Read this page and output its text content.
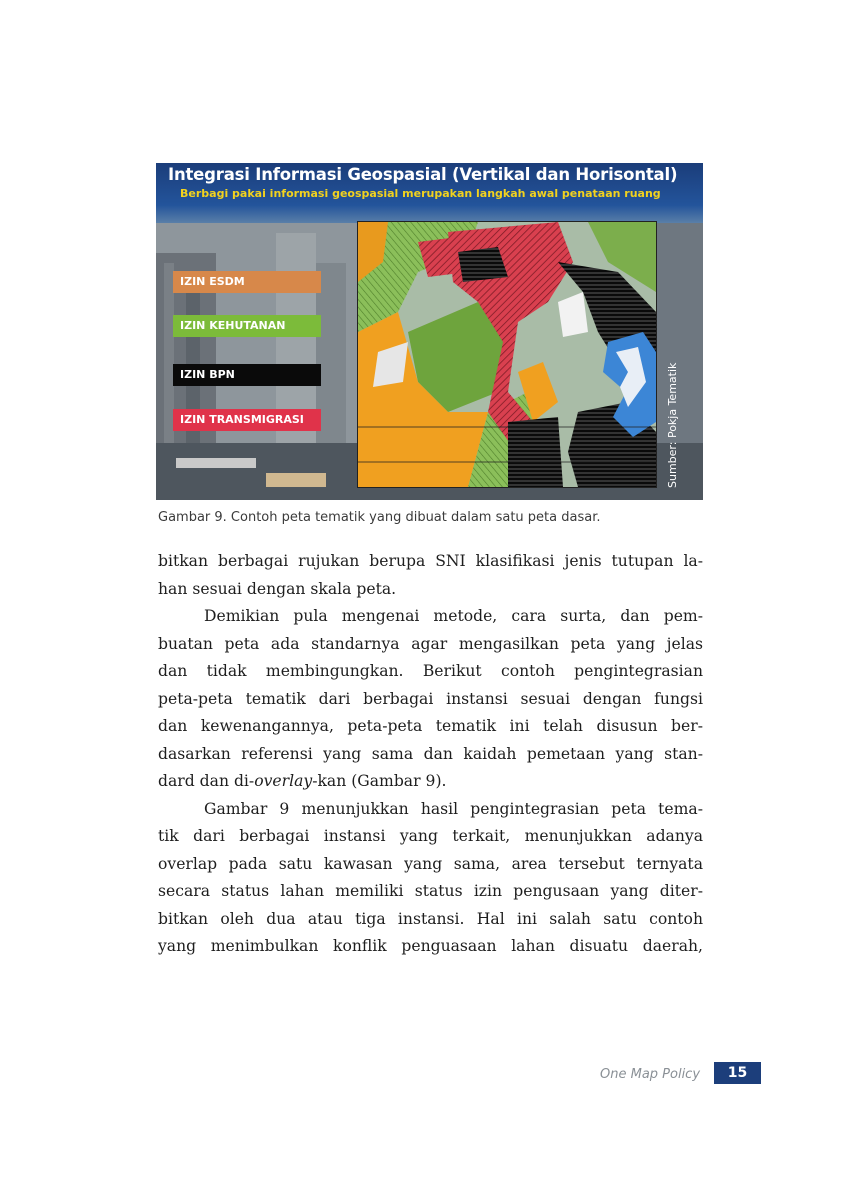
Integrasi Informasi Geospasial (Vertikal dan Horisontal)
Berbagi pakai informasi geospasial merupakan langkah awal penataan ruang
IZIN ESDM
IZIN KEHUTANAN
IZIN BPN
IZIN TRANSMIGRASI	Sumber: Pokja Tematik
Gambar 9. Contoh peta tematik yang dibuat dalam satu peta dasar.
bitkan berbagai rujukan berupa SNI klasifikasi jenis tutupan la-
han sesuai dengan skala peta.
Demikian pula mengenai metode, cara surta, dan pem-
buatan peta ada standarnya agar mengasilkan peta yang jelas
dan tidak membingungkan. Berikut contoh pengintegrasian
peta-peta tematik dari berbagai instansi sesuai dengan fungsi
dan kewenangannya, peta-peta tematik ini telah disusun ber-
dasarkan referensi yang sama dan kaidah pemetaan yang stan-
dard dan di-overlay-kan (Gambar 9).
Gambar 9 menunjukkan hasil pengintegrasian peta tema-
tik dari berbagai instansi yang terkait, menunjukkan adanya
overlap pada satu kawasan yang sama, area tersebut ternyata
secara status lahan memiliki status izin pengusaan yang diter-
bitkan oleh dua atau tiga instansi. Hal ini salah satu contoh
yang menimbulkan konflik penguasaan lahan disuatu daerah,
One Map Policy	15
